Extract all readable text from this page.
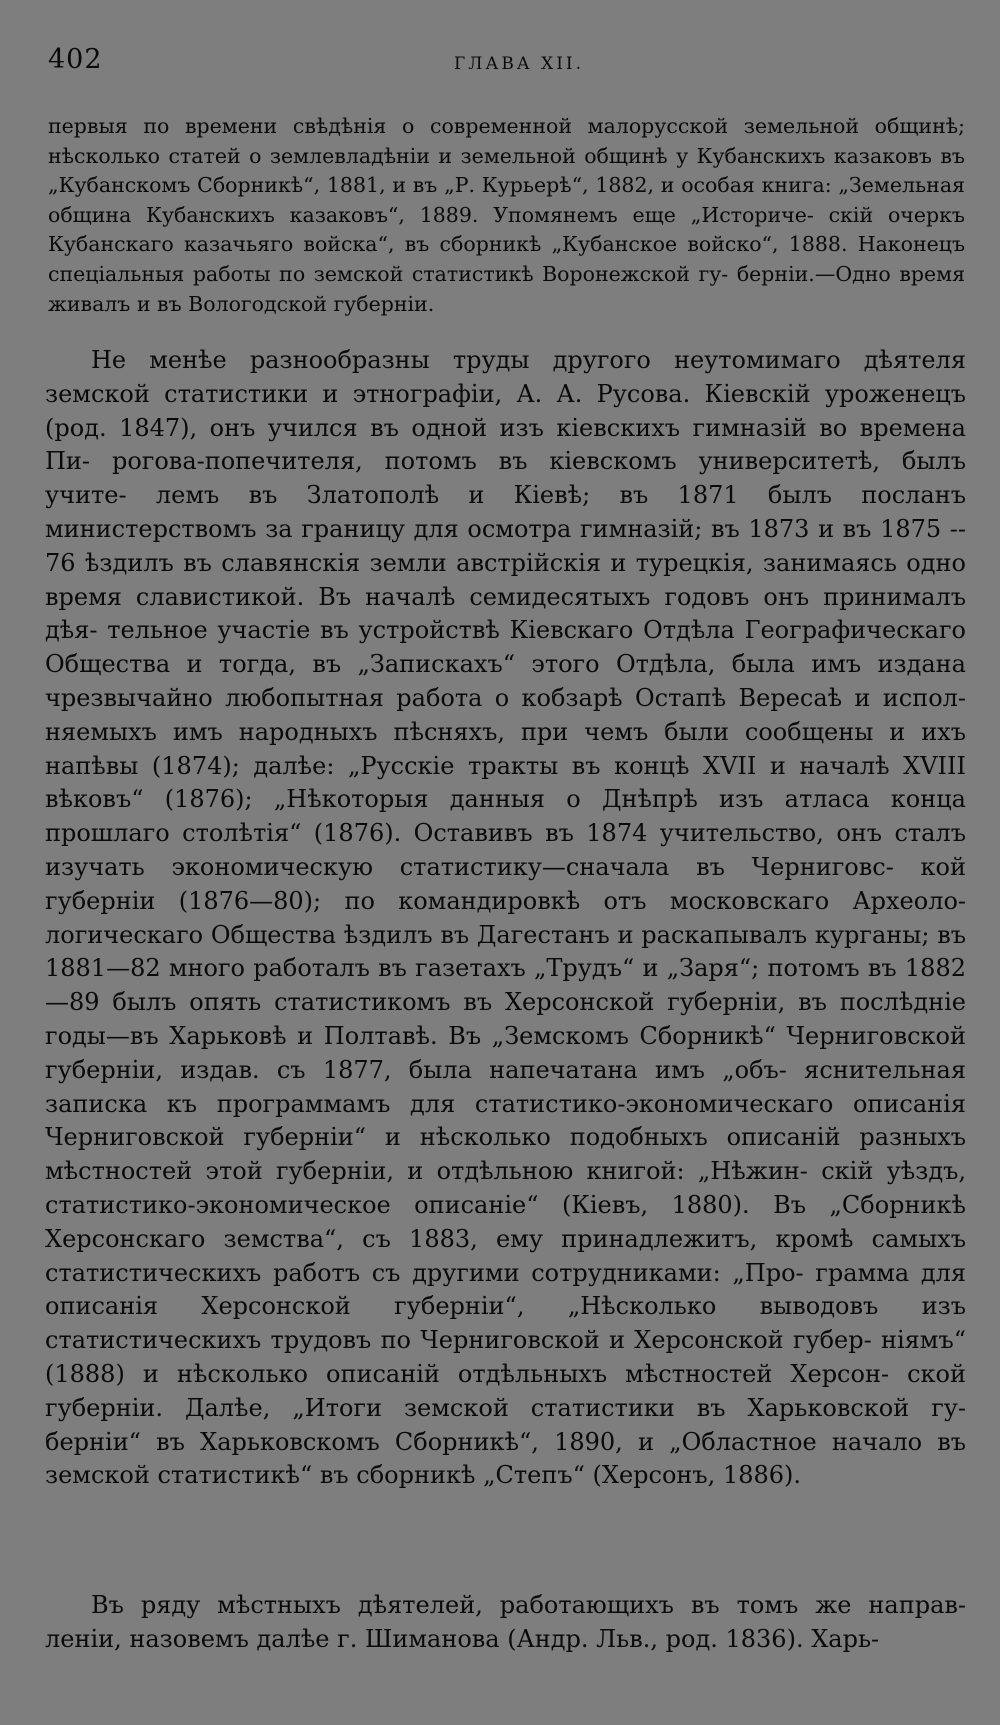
402	ГЛАВА XII.

первыя по времени свѣдѣнія о современной малорусской земельной общинѣ; нѣсколько статей о землевладѣніи и земельной общинѣ у Кубанскихъ казаковъ въ „Кубанскомъ Сборникѣ“, 1881, и въ „Р. Курьерѣ“, 1882, и особая книга: „Земельная община Кубанскихъ казаковъ“, 1889. Упомянемъ еще „Историче- скій очеркъ Кубанскаго казачьяго войска“, въ сборникѣ „Кубанское войско“, 1888. Наконецъ спеціальныя работы по земской статистикѣ Воронежской гу- берніи.—Одно время живалъ и въ Вологодской губерніи.

Не менѣе разнообразны труды другого неутомимаго дѣятеля земской статистики и этнографіи, А. А. Русова. Кіевскій уроженецъ (род. 1847), онъ учился въ одной изъ кіевскихъ гимназій во времена Пи- рогова-попечителя, потомъ въ кіевскомъ университетѣ, былъ учите- лемъ въ Златополѣ и Кіевѣ; въ 1871 былъ посланъ министерствомъ за границу для осмотра гимназій; въ 1873 и въ 1875 -- 76 ѣздилъ въ славянскія земли австрійскія и турецкія, занимаясь одно время славистикой. Въ началѣ семидесятыхъ годовъ онъ принималъ дѣя- тельное участіе въ устройствѣ Кіевскаго Отдѣла Географическаго Общества и тогда, въ „Запискахъ“ этого Отдѣла, была имъ издана чрезвычайно любопытная работа о кобзарѣ Остапѣ Вересаѣ и испол- няемыхъ имъ народныхъ пѣсняхъ, при чемъ были сообщены и ихъ напѣвы (1874); далѣе: „Русскіе тракты въ концѣ XVII и началѣ XVIII вѣковъ“ (1876); „Нѣкоторыя данныя о Днѣпрѣ изъ атласа конца прошлаго столѣтія“ (1876). Оставивъ въ 1874 учительство, онъ сталъ изучать экономическую статистику—сначала въ Черниговс- кой губерніи (1876—80); по командировкѣ отъ московскаго Археоло- логическаго Общества ѣздилъ въ Дагестанъ и раскапывалъ курганы; въ 1881—82 много работалъ въ газетахъ „Трудъ“ и „Заря“; потомъ въ 1882—89 былъ опять статистикомъ въ Херсонской губерніи, въ послѣдніе годы—въ Харьковѣ и Полтавѣ. Въ „Земскомъ Сборникѣ“ Черниговской губерніи, издав. съ 1877, была напечатана имъ „объ- яснительная записка къ программамъ для статистико-экономическаго описанія Черниговской губерніи“ и нѣсколько подобныхъ описаній разныхъ мѣстностей этой губерніи, и отдѣльною книгой: „Нѣжин- скій уѣздъ, статистико-экономическое описаніе“ (Кіевъ, 1880). Въ „Сборникѣ Херсонскаго земства“, съ 1883, ему принадлежитъ, кромѣ самыхъ статистическихъ работъ съ другими сотрудниками: „Про- грамма для описанія Херсонской губерніи“, „Нѣсколько выводовъ изъ статистическихъ трудовъ по Черниговской и Херсонской губер- ніямъ“ (1888) и нѣсколько описаній отдѣльныхъ мѣстностей Херсон- ской губерніи. Далѣе, „Итоги земской статистики въ Харьковской гу- берніи“ въ Харьковскомъ Сборникѣ“, 1890, и „Областное начало въ земской статистикѣ“ въ сборникѣ „Степъ“ (Херсонъ, 1886).

Въ ряду мѣстныхъ дѣятелей, работающихъ въ томъ же направ- леніи, назовемъ далѣе г. Шиманова (Андр. Льв., род. 1836). Харь-
